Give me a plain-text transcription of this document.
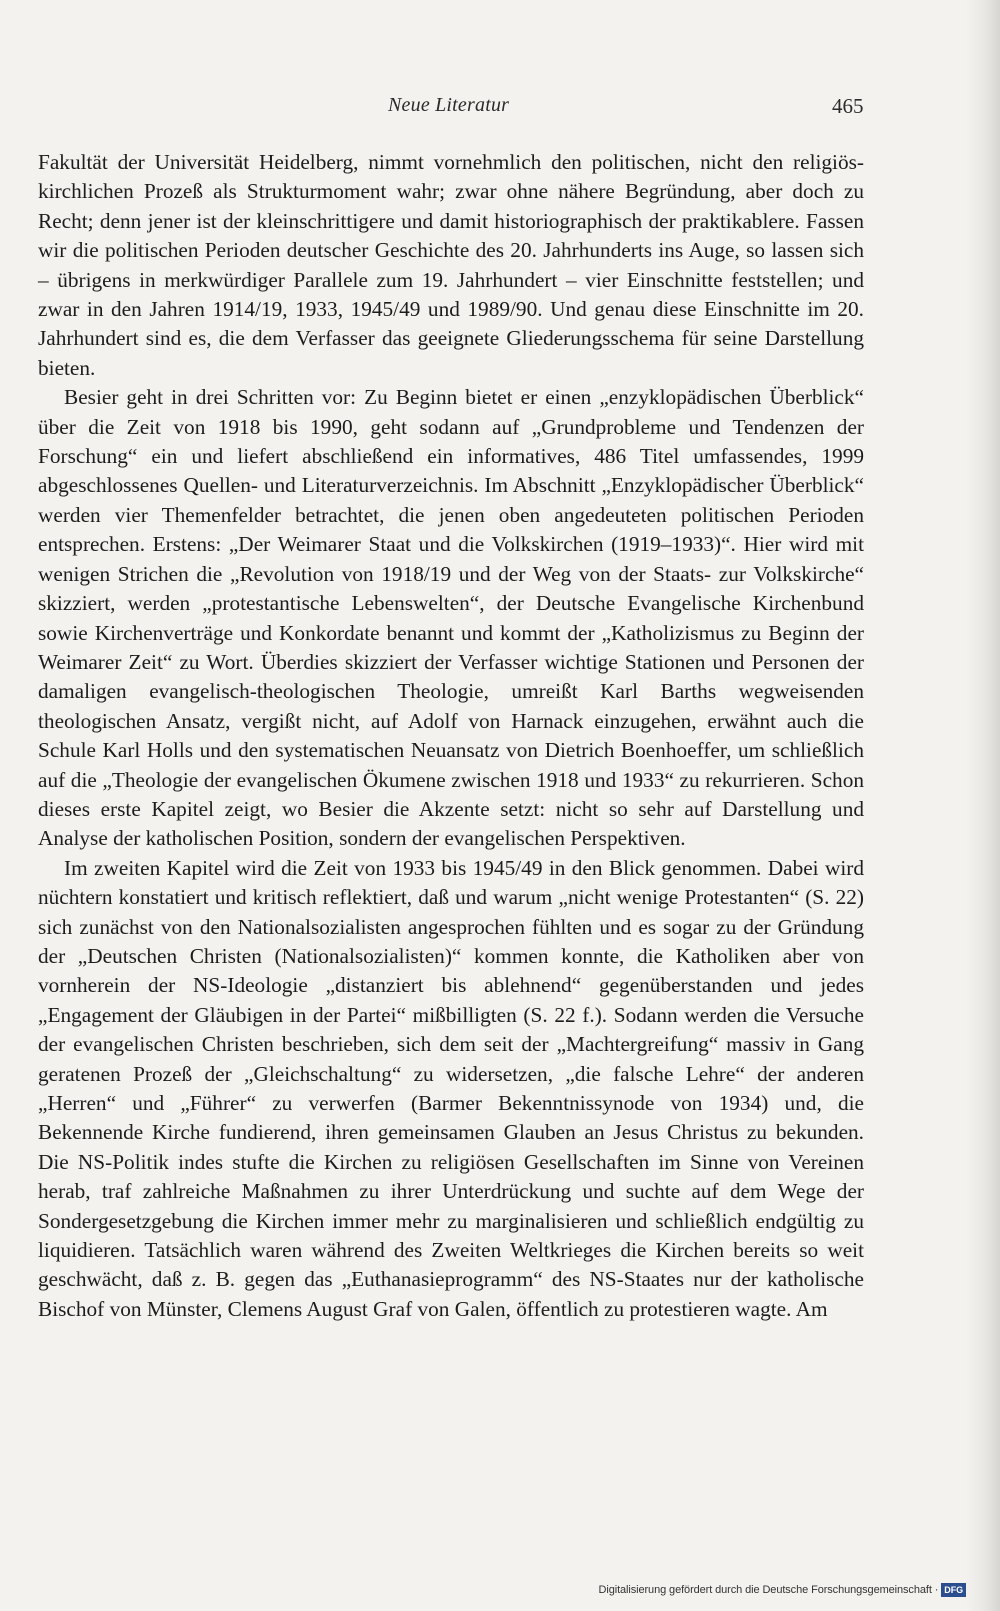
Neue Literatur	465

Fakultät der Universität Heidelberg, nimmt vornehmlich den politischen, nicht den religiös-kirchlichen Prozeß als Strukturmoment wahr; zwar ohne nähere Begründung, aber doch zu Recht; denn jener ist der kleinschrittigere und damit historiographisch der praktikablere. Fassen wir die politischen Perioden deutscher Geschichte des 20. Jahrhunderts ins Auge, so lassen sich – übrigens in merkwürdiger Parallele zum 19. Jahrhundert – vier Einschnitte feststellen; und zwar in den Jahren 1914/19, 1933, 1945/49 und 1989/90. Und genau diese Einschnitte im 20. Jahrhundert sind es, die dem Verfasser das geeignete Gliederungsschema für seine Darstellung bieten.

Besier geht in drei Schritten vor: Zu Beginn bietet er einen „enzyklopädischen Überblick“ über die Zeit von 1918 bis 1990, geht sodann auf „Grundprobleme und Tendenzen der Forschung“ ein und liefert abschließend ein informatives, 486 Titel umfassendes, 1999 abgeschlossenes Quellen- und Literaturverzeichnis. Im Abschnitt „Enzyklopädischer Überblick“ werden vier Themenfelder betrachtet, die jenen oben angedeuteten politischen Perioden entsprechen. Erstens: „Der Weimarer Staat und die Volkskirchen (1919–1933)“. Hier wird mit wenigen Strichen die „Revolution von 1918/19 und der Weg von der Staats- zur Volkskirche“ skizziert, werden „protestantische Lebenswelten“, der Deutsche Evangelische Kirchenbund sowie Kirchenverträge und Konkordate benannt und kommt der „Katholizismus zu Beginn der Weimarer Zeit“ zu Wort. Überdies skizziert der Verfasser wichtige Stationen und Personen der damaligen evangelisch-theologischen Theologie, umreißt Karl Barths wegweisenden theologischen Ansatz, vergißt nicht, auf Adolf von Harnack einzugehen, erwähnt auch die Schule Karl Holls und den systematischen Neuansatz von Dietrich Boenhoeffer, um schließlich auf die „Theologie der evangelischen Ökumene zwischen 1918 und 1933“ zu rekurrieren. Schon dieses erste Kapitel zeigt, wo Besier die Akzente setzt: nicht so sehr auf Darstellung und Analyse der katholischen Position, sondern der evangelischen Perspektiven.

Im zweiten Kapitel wird die Zeit von 1933 bis 1945/49 in den Blick genommen. Dabei wird nüchtern konstatiert und kritisch reflektiert, daß und warum „nicht wenige Protestanten“ (S. 22) sich zunächst von den Nationalsozialisten angesprochen fühlten und es sogar zu der Gründung der „Deutschen Christen (Nationalsozialisten)“ kommen konnte, die Katholiken aber von vornherein der NS-Ideologie „distanziert bis ablehnend“ gegenüberstanden und jedes „Engagement der Gläubigen in der Partei“ mißbilligten (S. 22 f.). Sodann werden die Versuche der evangelischen Christen beschrieben, sich dem seit der „Machtergreifung“ massiv in Gang geratenen Prozeß der „Gleichschaltung“ zu widersetzen, „die falsche Lehre“ der anderen „Herren“ und „Führer“ zu verwerfen (Barmer Bekenntnissynode von 1934) und, die Bekennende Kirche fundierend, ihren gemeinsamen Glauben an Jesus Christus zu bekunden. Die NS-Politik indes stufte die Kirchen zu religiösen Gesellschaften im Sinne von Vereinen herab, traf zahlreiche Maßnahmen zu ihrer Unterdrückung und suchte auf dem Wege der Sondergesetzgebung die Kirchen immer mehr zu marginalisieren und schließlich endgültig zu liquidieren. Tatsächlich waren während des Zweiten Weltkrieges die Kirchen bereits so weit geschwächt, daß z. B. gegen das „Euthanasieprogramm“ des NS-Staates nur der katholische Bischof von Münster, Clemens August Graf von Galen, öffentlich zu protestieren wagte. Am

Digitalisierung gefördert durch die Deutsche Forschungsgemeinschaft · DFG
